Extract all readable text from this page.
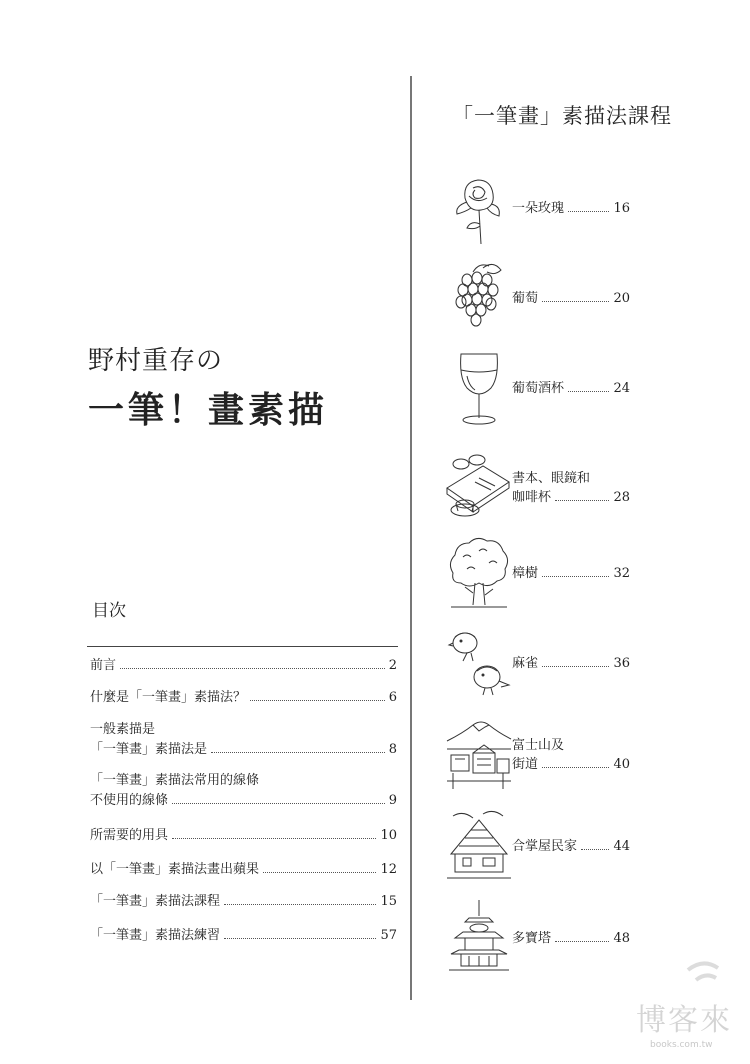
野村重存の
一筆！畫素描
目次
前言	2
什麼是「一筆畫」素描法？	6
一般素描是
「一筆畫」素描法是	8
「一筆畫」素描法常用的線條
不使用的線條	9
所需要的用具	10
以「一筆畫」素描法畫出蘋果	12
「一筆畫」素描法課程	15
「一筆畫」素描法練習	57
「一筆畫」素描法課程
一朵玫瑰	16
葡萄	20
葡萄酒杯	24
書本、眼鏡和
咖啡杯	28
樟樹	32
麻雀	36
富士山及
街道	40
合掌屋民家	44
多寶塔	48
博客來
books.com.tw
